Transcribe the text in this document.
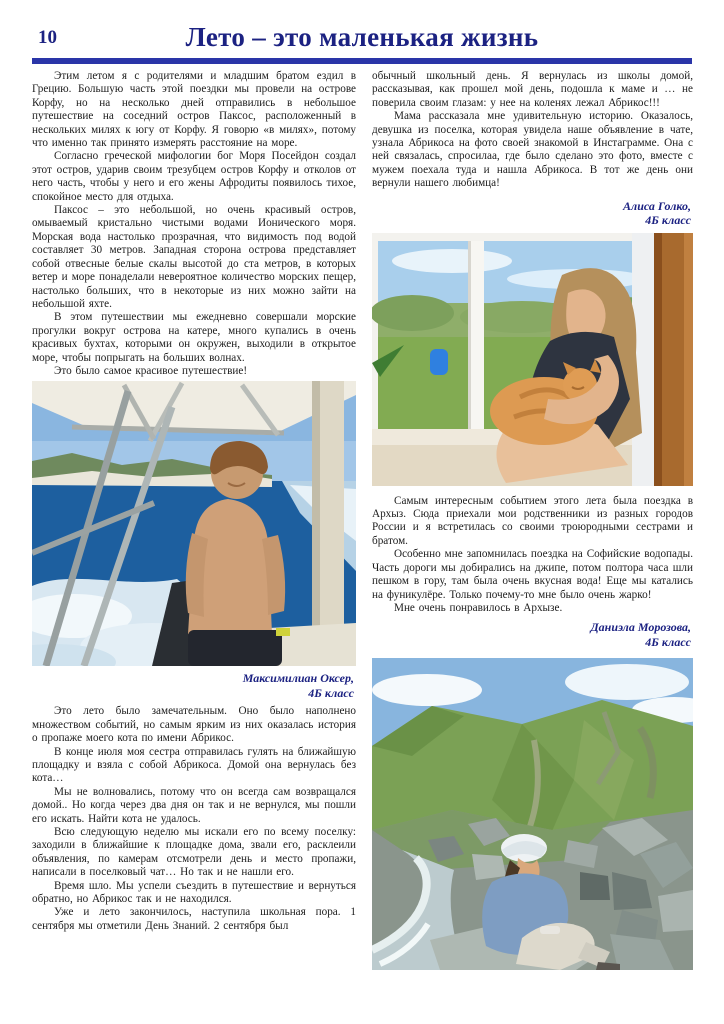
10	Лето – это маленькая жизнь

Этим летом я с родителями и младшим братом ездил в Грецию. Большую часть этой поездки мы провели на острове Корфу, но на несколько дней отправились в небольшое путешествие на соседний остров Паксос, расположенный в нескольких милях к югу от Корфу. Я говорю «в милях», потому что именно так принято измерять расстояние на море.

Согласно греческой мифологии бог Моря Посейдон создал этот остров, ударив своим трезубцем остров Корфу и отколов от него часть, чтобы у него и его жены Афродиты появилось тихое, спокойное место для отдыха.

Паксос – это небольшой, но очень красивый остров, омываемый кристально чистыми водами Ионического моря. Морская вода настолько прозрачная, что видимость под водой составляет 30 метров. Западная сторона острова представляет собой отвесные белые скалы высотой до ста метров, в которых ветер и море понаделали невероятное количество морских пещер, настолько больших, что в некоторые из них можно зайти на небольшой яхте.

В этом путешествии мы ежедневно совершали морские прогулки вокруг острова на катере, много купались в очень красивых бухтах, которыми он окружен, выходили в открытое море, чтобы попрыгать на больших волнах.

Это было самое красивое путешествие!

Максимилиан Оксер,
4Б класс

Это лето было замечательным. Оно было наполнено множеством событий, но самым ярким из них оказалась история о пропаже моего кота по имени Абрикос.

В конце июля моя сестра отправилась гулять на ближайшую площадку и взяла с собой Абрикоса. Домой она вернулась без кота…

Мы не волновались, потому что он всегда сам возвращался домой.. Но когда через два дня он так и не вернулся, мы пошли его искать. Найти кота не удалось.

Всю следующую неделю мы искали его по всему поселку: заходили в ближайшие к площадке дома, звали его, расклеили объявления, по камерам отсмотрели день и место пропажи, написали в поселковый чат… Но так и не нашли его.

Время шло. Мы успели съездить в путешествие и вернуться обратно, но Абрикос так и не находился.

Уже и лето закончилось, наступила школьная пора. 1 сентября мы отметили День Знаний. 2 сентября был

обычный школьный день. Я вернулась из школы домой, рассказывая, как прошел мой день, подошла к маме и … не поверила своим глазам: у нее на коленях лежал Абрикос!!!

Мама рассказала мне удивительную историю. Оказалось, девушка из поселка, которая увидела наше объявление в чате, узнала Абрикоса на фото своей знакомой в Инстаграмме. Она с ней связалась, спросилаа, где было сделано это фото, вместе с мужем поехала туда и нашла Абрикоса. В тот же день они вернули нашего любимца!

Алиса Голко,
4Б класс

Самым интересным событием этого лета была поездка в Архыз. Сюда приехали мои родственники из разных городов России и я встретилась со своими троюродными сестрами и братом.

Особенно мне запомнилась поездка на Софийские водопады. Часть дороги мы добирались на джипе, потом полтора часа шли пешком в гору, там была очень вкусная вода! Еще мы катались на фуникулёре. Только почему-то мне было очень жарко!

Мне очень понравилось в Архызе.

Даниэла Морозова,
4Б класс
